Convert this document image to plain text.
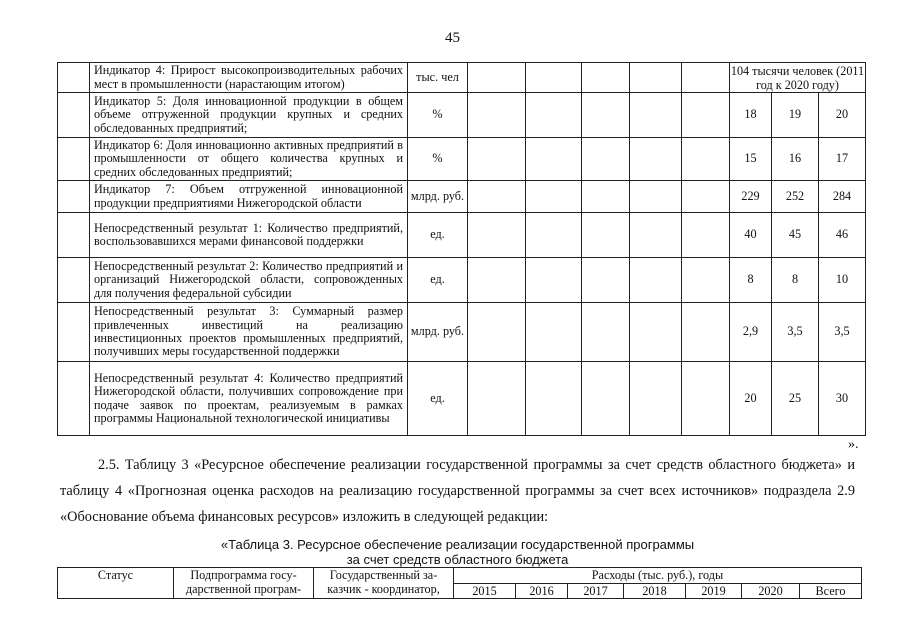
45
	Индикатор 4: Прирост высокопроизводительных рабочих мест в промышленности (нарастающим итогом)	тыс. чел						104 тысячи человек (2011 год к 2020 году)		
	Индикатор 5: Доля инновационной продукции в общем объеме отгруженной продукции крупных и средних обследованных предприятий;	%						18	19	20
	Индикатор 6: Доля инновационно активных предприятий в промышленности от общего количества крупных и средних обследованных предприятий;	%						15	16	17
	Индикатор 7: Объем отгруженной инновационной продукции предприятиями Нижегородской области	млрд. руб.						229	252	284
	Непосредственный результат 1: Количество предприятий, воспользовавшихся мерами финансовой поддержки	ед.						40	45	46
	Непосредственный результат 2: Количество предприятий и организаций Нижегородской области, сопровожденных для получения федеральной субсидии	ед.						8	8	10
	Непосредственный результат 3: Суммарный размер привлеченных инвестиций на реализацию инвестиционных проектов промышленных предприятий, получивших меры государственной поддержки	млрд. руб.						2,9	3,5	3,5
	Непосредственный результат 4: Количество предприятий Нижегородской области, получивших сопровождение при подаче заявок по проектам, реализуемым в рамках программы Национальной технологической инициативы	ед.						20	25	30
».
2.5. Таблицу 3 «Ресурсное обеспечение реализации государственной программы за счет средств областного бюджета» и таблицу 4 «Прогнозная оценка расходов на реализацию государственной программы за счет всех источников» подраздела 2.9 «Обоснование объема финансовых ресурсов» изложить в следующей редакции:
«Таблица 3. Ресурсное обеспечение реализации государственной программы
за счет средств областного бюджета
Статус	Подпрограмма госу- дарственной програм-	Государственный за- казчик - координатор,	Расходы (тыс. руб.), годы						
			2015	2016	2017	2018	2019	2020	Всего
